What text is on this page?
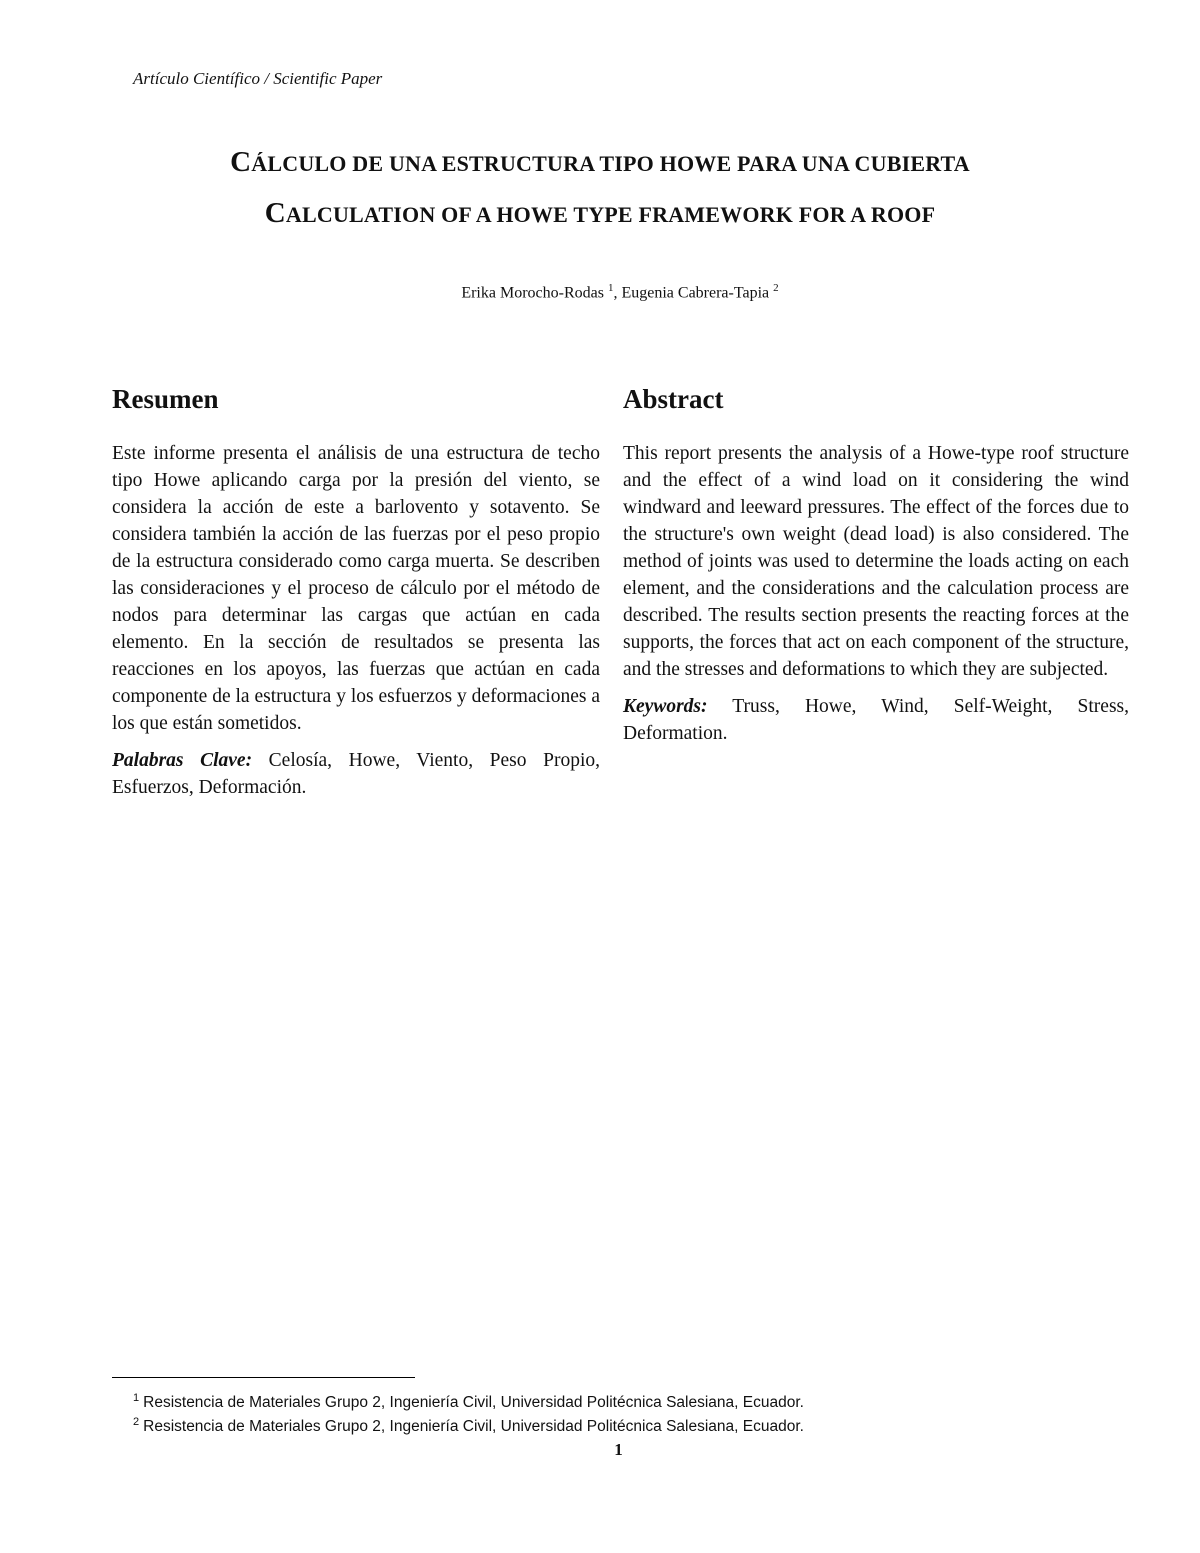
Artículo Científico / Scientific Paper
CÁLCULO DE UNA ESTRUCTURA TIPO HOWE PARA UNA CUBIERTA
CALCULATION OF A HOWE TYPE FRAMEWORK FOR A ROOF
Erika Morocho-Rodas $^1$, Eugenia Cabrera-Tapia $^2$
Resumen

Este informe presenta el análisis de una estructura de techo tipo Howe aplicando carga por la presión del viento, se considera la acción de este a barlovento y sotavento. Se considera también la acción de las fuerzas por el peso propio de la estructura considerado como carga muerta. Se describen las consideraciones y el proceso de cálculo por el método de nodos para determinar las cargas que actúan en cada elemento. En la sección de resultados se presenta las reacciones en los apoyos, las fuerzas que actúan en cada componente de la estructura y los esfuerzos y deformaciones a los que están sometidos.

Palabras Clave: Celosía, Howe, Viento, Peso Propio, Esfuerzos, Deformación.

Abstract

This report presents the analysis of a Howe-type roof structure and the effect of a wind load on it considering the wind windward and leeward pressures. The effect of the forces due to the structure's own weight (dead load) is also considered. The method of joints was used to determine the loads acting on each element, and the considerations and the calculation process are described. The results section presents the reacting forces at the supports, the forces that act on each component of the structure, and the stresses and deformations to which they are subjected.

Keywords: Truss, Howe, Wind, Self-Weight, Stress, Deformation.

$^1$ Resistencia de Materiales Grupo 2, Ingeniería Civil, Universidad Politécnica Salesiana, Ecuador.
$^2$ Resistencia de Materiales Grupo 2, Ingeniería Civil, Universidad Politécnica Salesiana, Ecuador.
1
